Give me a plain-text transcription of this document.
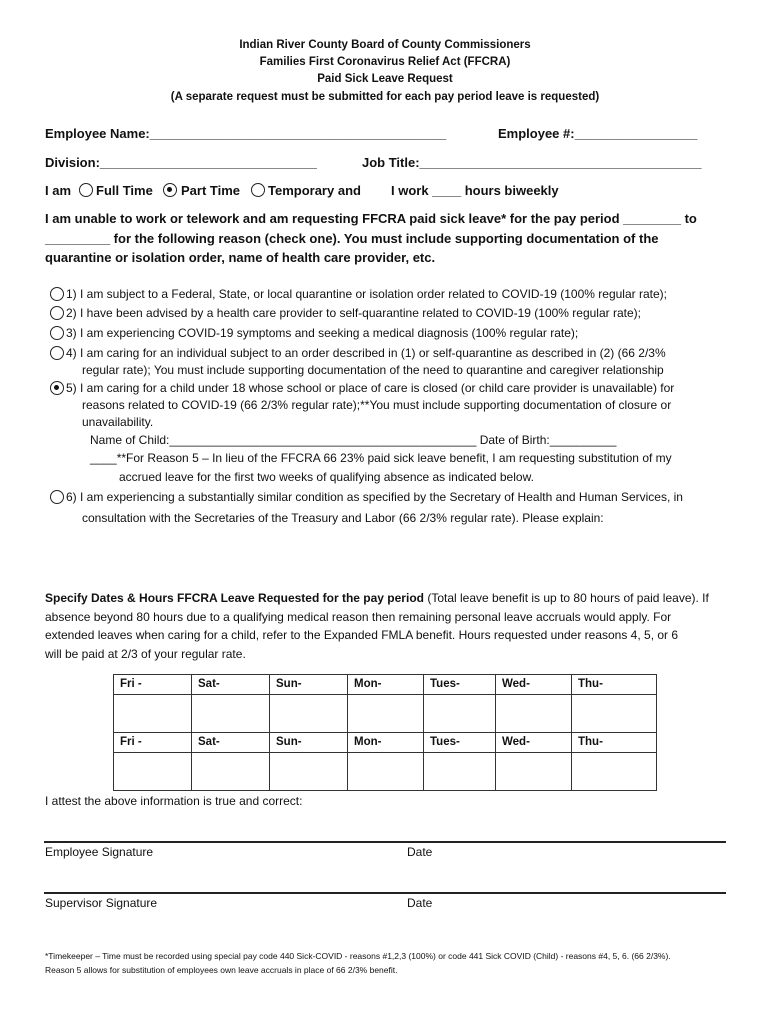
Indian River County Board of County Commissioners
Families First Coronavirus Relief Act (FFCRA)
Paid Sick Leave Request
(A separate request must be submitted for each pay period leave is requested)
Employee Name:_________________________________________	Employee #:_________________
Division:______________________________	Job Title:_______________________________________
I am Full Time Part Time Temporary and I work ____ hours biweekly
I am unable to work or telework and am requesting FFCRA paid sick leave* for the pay period ________ to
_________ for the following reason (check one). You must include supporting documentation of the
quarantine or isolation order, name of health care provider, etc.
1) I am subject to a Federal, State, or local quarantine or isolation order related to COVID-19 (100% regular rate);
2) I have been advised by a health care provider to self-quarantine related to COVID-19 (100% regular rate);
3) I am experiencing COVID-19 symptoms and seeking a medical diagnosis (100% regular rate);
4) I am caring for an individual subject to an order described in (1) or self-quarantine as described in (2) (66 2/3%
regular rate); You must include supporting documentation of the need to quarantine and caregiver relationship
5) I am caring for a child under 18 whose school or place of care is closed (or child care provider is unavailable) for
reasons related to COVID-19 (66 2/3% regular rate);**You must include supporting documentation of closure or
unavailability.
Name of Child:______________________________________________ Date of Birth:__________
____**For Reason 5 – In lieu of the FFCRA 66 23% paid sick leave benefit, I am requesting substitution of my
accrued leave for the first two weeks of qualifying absence as indicated below.
6) I am experiencing a substantially similar condition as specified by the Secretary of Health and Human Services, in
consultation with the Secretaries of the Treasury and Labor (66 2/3% regular rate). Please explain:
Specify Dates & Hours FFCRA Leave Requested for the pay period (Total leave benefit is up to 80 hours of paid leave). If
absence beyond 80 hours due to a qualifying medical reason then remaining personal leave accruals would apply. For
extended leaves when caring for a child, refer to the Expanded FMLA benefit. Hours requested under reasons 4, 5, or 6
will be paid at 2/3 of your regular rate.
Fri -	Sat-	Sun-	Mon-	Tues-	Wed-	Thu-

Fri -	Sat-	Sun-	Mon-	Tues-	Wed-	Thu-

I attest the above information is true and correct:
Employee Signature	Date
Supervisor Signature	Date
*Timekeeper – Time must be recorded using special pay code 440 Sick-COVID - reasons #1,2,3 (100%) or code 441 Sick COVID (Child) - reasons #4, 5, 6. (66 2/3%).
Reason 5 allows for substitution of employees own leave accruals in place of 66 2/3% benefit.
